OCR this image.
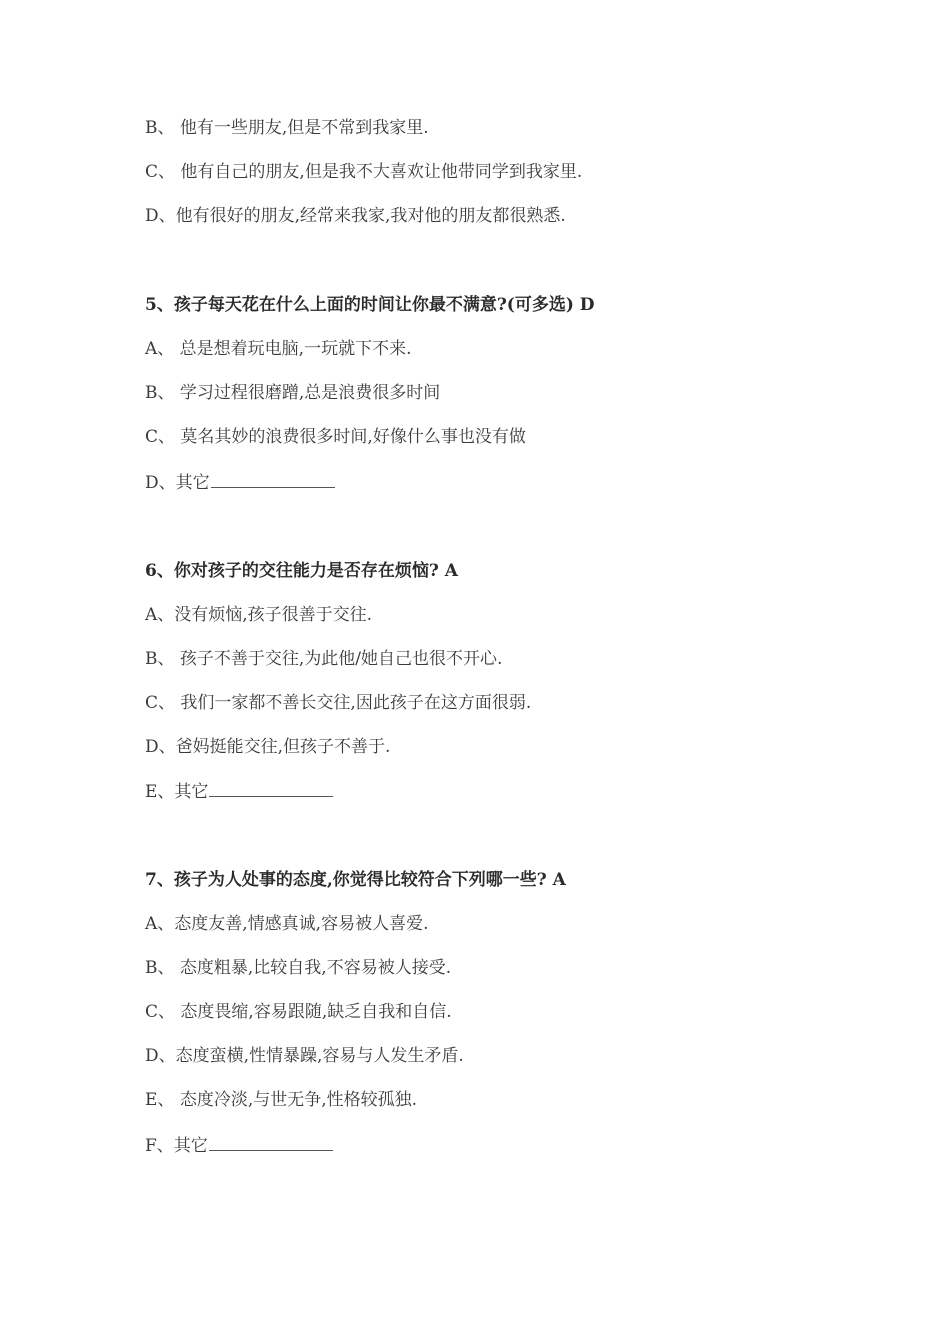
B、 他有一些朋友,但是不常到我家里.
C、 他有自己的朋友,但是我不大喜欢让他带同学到我家里.
D、他有很好的朋友,经常来我家,我对他的朋友都很熟悉.
5、孩子每天花在什么上面的时间让你最不满意?(可多选) D
A、 总是想着玩电脑,一玩就下不来.
B、 学习过程很磨蹭,总是浪费很多时间
C、 莫名其妙的浪费很多时间,好像什么事也没有做
D、其它
6、你对孩子的交往能力是否存在烦恼? A
A、没有烦恼,孩子很善于交往.
B、 孩子不善于交往,为此他/她自己也很不开心.
C、 我们一家都不善长交往,因此孩子在这方面很弱.
D、爸妈挺能交往,但孩子不善于.
E、其它
7、孩子为人处事的态度,你觉得比较符合下列哪一些? A
A、态度友善,情感真诚,容易被人喜爱.
B、 态度粗暴,比较自我,不容易被人接受.
C、 态度畏缩,容易跟随,缺乏自我和自信.
D、态度蛮横,性情暴躁,容易与人发生矛盾.
E、 态度冷淡,与世无争,性格较孤独.
F、其它
